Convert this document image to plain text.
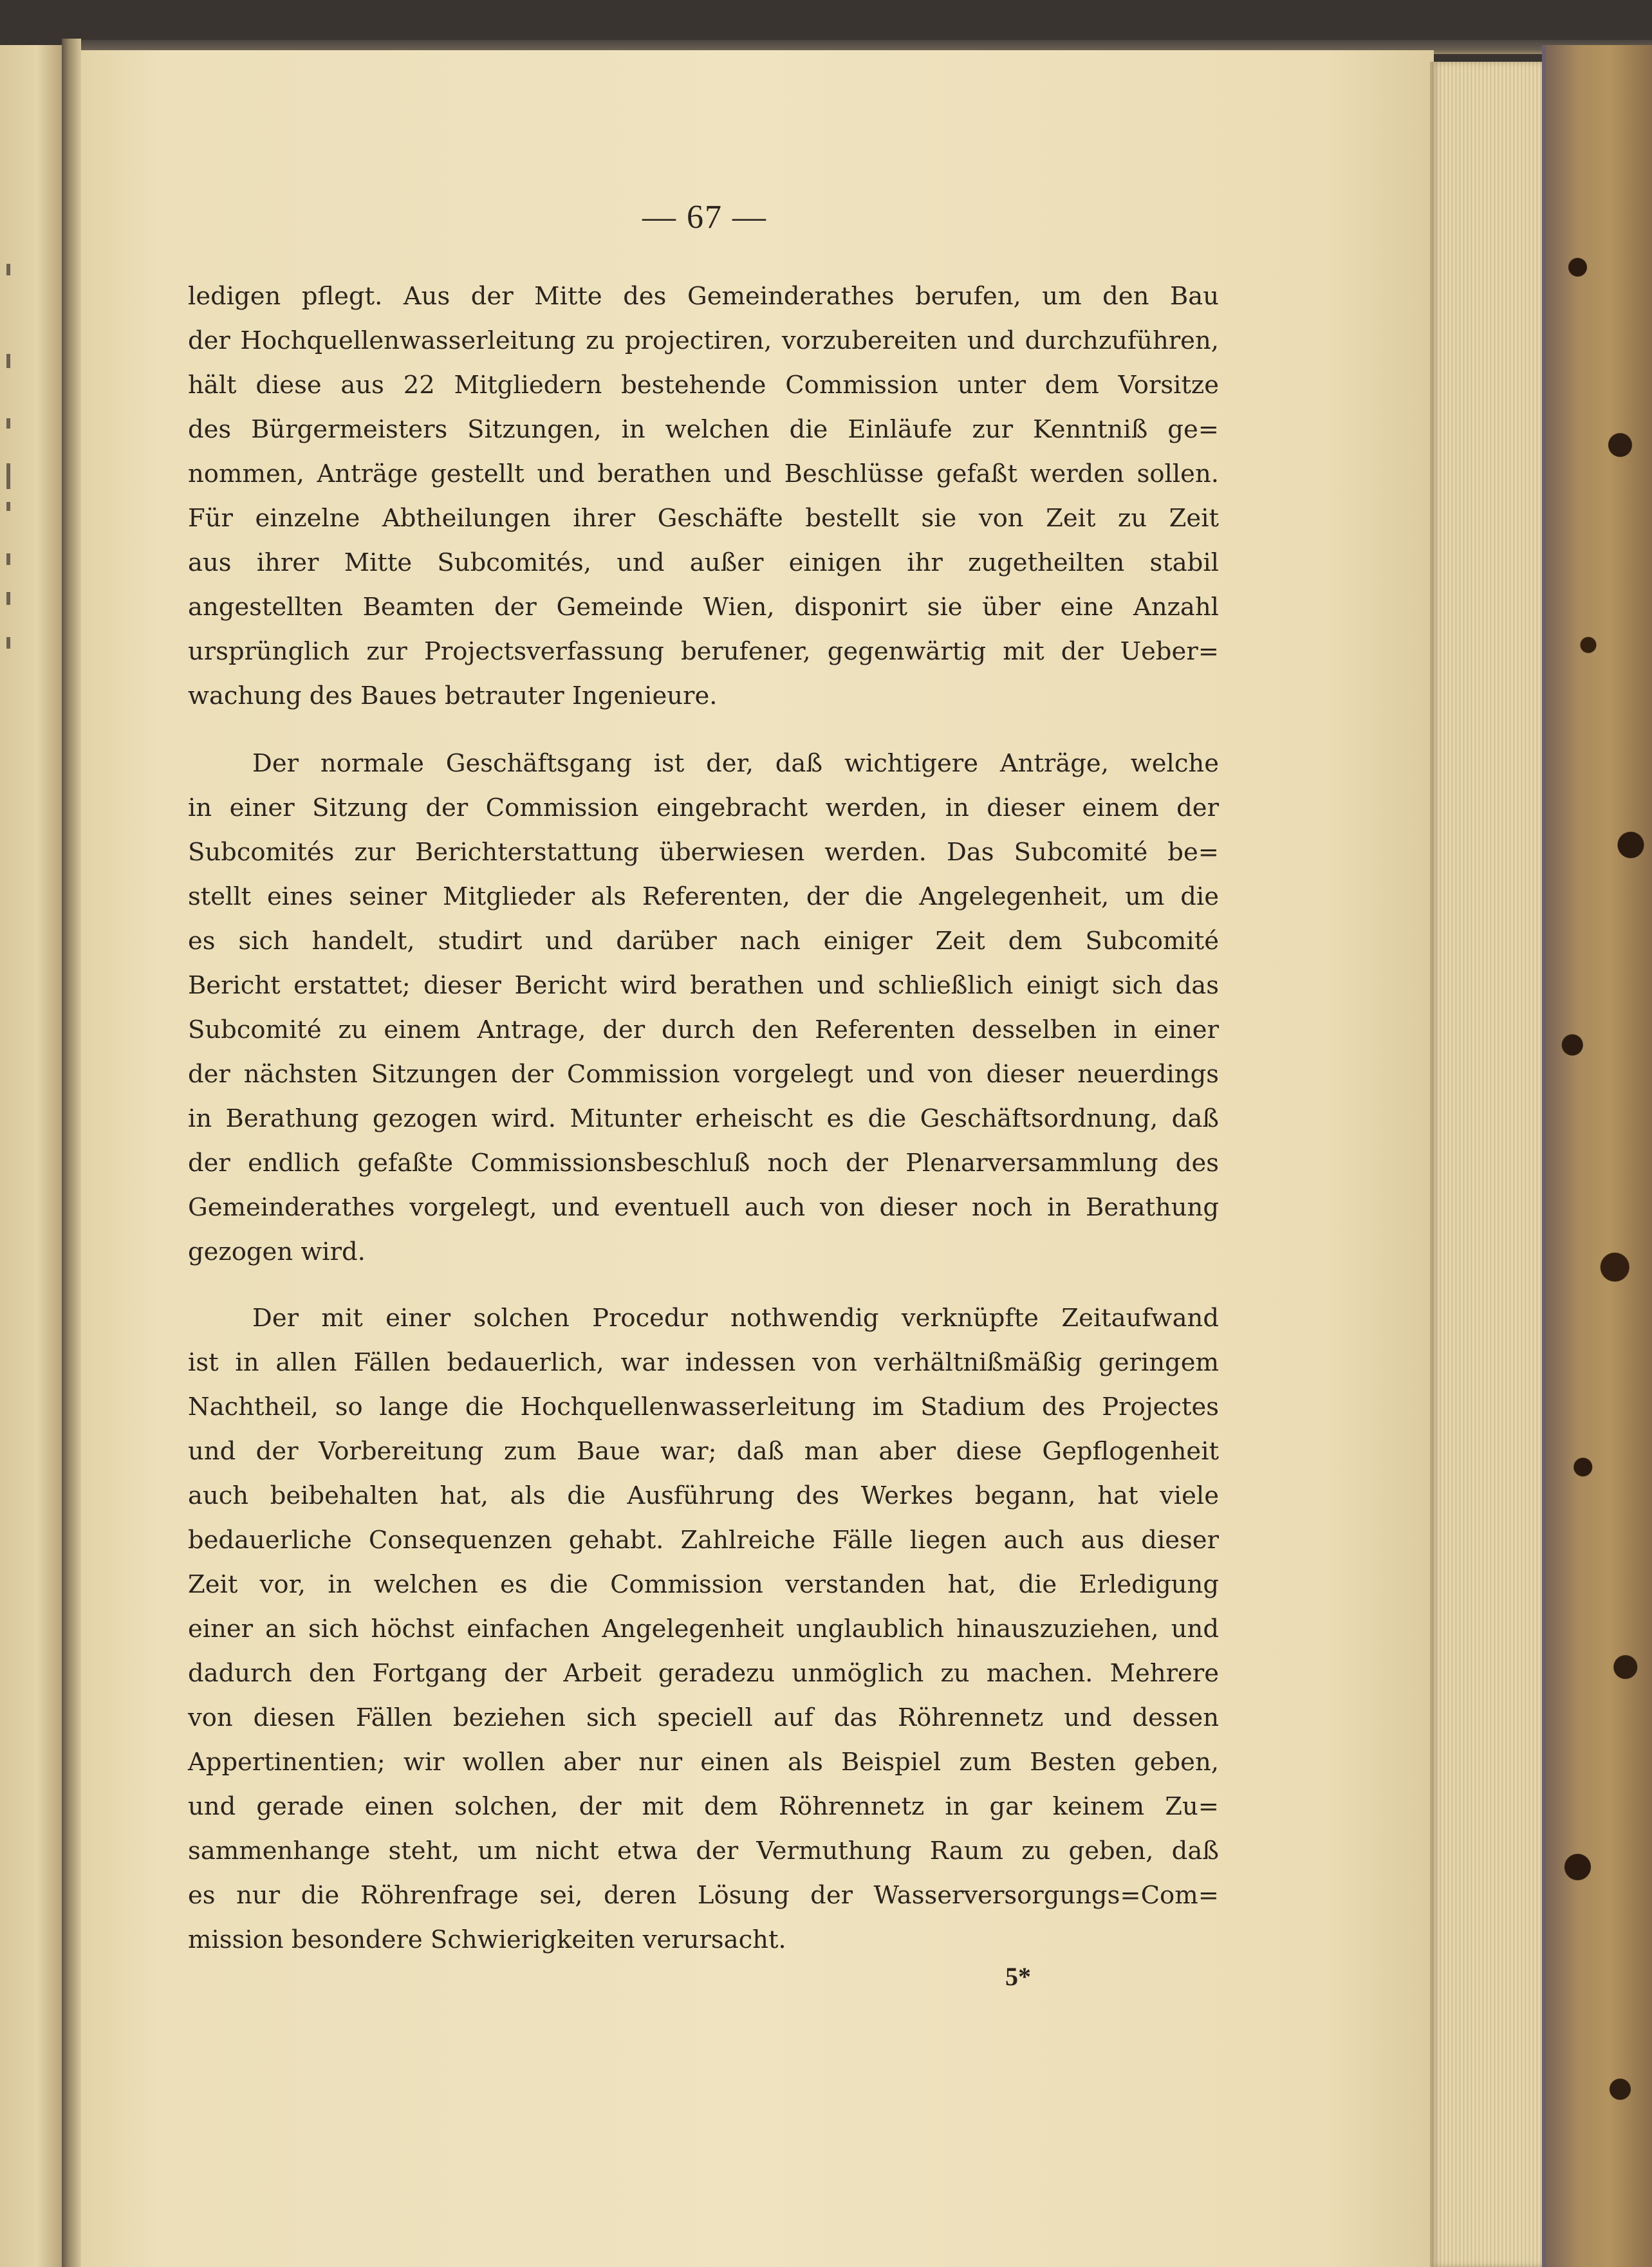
— 67 —
ledigen pflegt. Aus der Mitte des Gemeinderathes berufen, um den Bau
der Hochquellenwasserleitung zu projectiren, vorzubereiten und durchzuführen,
hält diese aus 22 Mitgliedern bestehende Commission unter dem Vorsitze
des Bürgermeisters Sitzungen, in welchen die Einläufe zur Kenntniß ge=
nommen, Anträge gestellt und berathen und Beschlüsse gefaßt werden sollen.
Für einzelne Abtheilungen ihrer Geschäfte bestellt sie von Zeit zu Zeit
aus ihrer Mitte Subcomités, und außer einigen ihr zugetheilten stabil
angestellten Beamten der Gemeinde Wien, disponirt sie über eine Anzahl
ursprünglich zur Projectsverfassung berufener, gegenwärtig mit der Ueber=
wachung des Baues betrauter Ingenieure.
Der normale Geschäftsgang ist der, daß wichtigere Anträge, welche
in einer Sitzung der Commission eingebracht werden, in dieser einem der
Subcomités zur Berichterstattung überwiesen werden. Das Subcomité be=
stellt eines seiner Mitglieder als Referenten, der die Angelegenheit, um die
es sich handelt, studirt und darüber nach einiger Zeit dem Subcomité
Bericht erstattet; dieser Bericht wird berathen und schließlich einigt sich das
Subcomité zu einem Antrage, der durch den Referenten desselben in einer
der nächsten Sitzungen der Commission vorgelegt und von dieser neuerdings
in Berathung gezogen wird. Mitunter erheischt es die Geschäftsordnung, daß
der endlich gefaßte Commissionsbeschluß noch der Plenarversammlung des
Gemeinderathes vorgelegt, und eventuell auch von dieser noch in Berathung
gezogen wird.
Der mit einer solchen Procedur nothwendig verknüpfte Zeitaufwand
ist in allen Fällen bedauerlich, war indessen von verhältnißmäßig geringem
Nachtheil, so lange die Hochquellenwasserleitung im Stadium des Projectes
und der Vorbereitung zum Baue war; daß man aber diese Gepflogenheit
auch beibehalten hat, als die Ausführung des Werkes begann, hat viele
bedauerliche Consequenzen gehabt. Zahlreiche Fälle liegen auch aus dieser
Zeit vor, in welchen es die Commission verstanden hat, die Erledigung
einer an sich höchst einfachen Angelegenheit unglaublich hinauszuziehen, und
dadurch den Fortgang der Arbeit geradezu unmöglich zu machen. Mehrere
von diesen Fällen beziehen sich speciell auf das Röhrennetz und dessen
Appertinentien; wir wollen aber nur einen als Beispiel zum Besten geben,
und gerade einen solchen, der mit dem Röhrennetz in gar keinem Zu=
sammenhange steht, um nicht etwa der Vermuthung Raum zu geben, daß
es nur die Röhrenfrage sei, deren Lösung der Wasserversorgungs=Com=
mission besondere Schwierigkeiten verursacht.
5*
